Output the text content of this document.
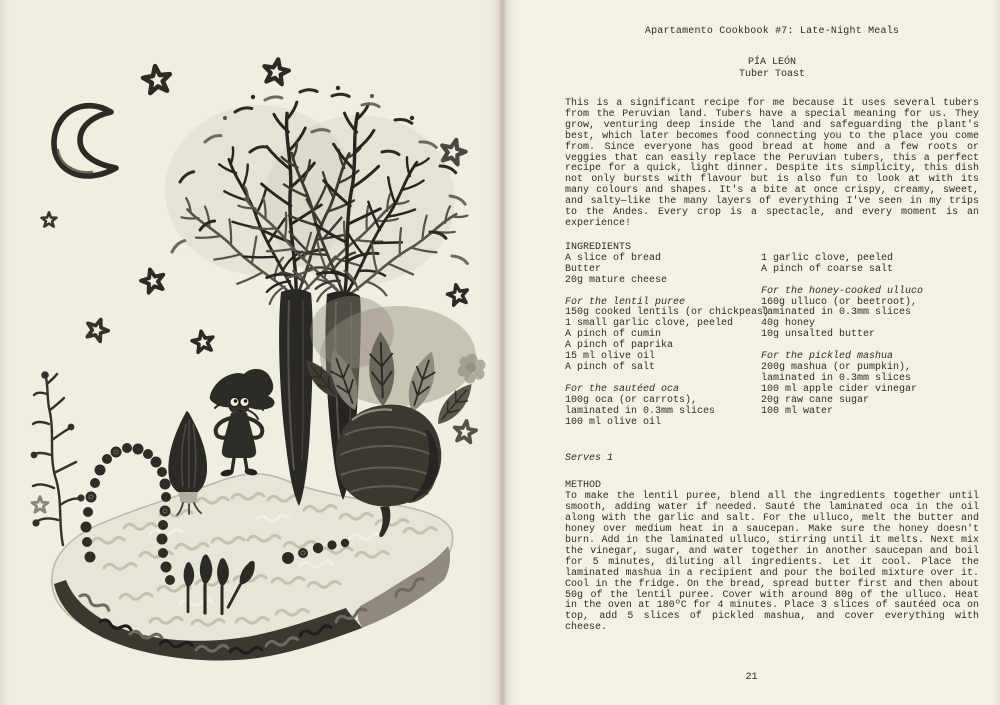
Apartamento Cookbook #7: Late-Night Meals
PÍA LEÓN
Tuber Toast

This is a significant recipe for me because it uses several tubers from the Peruvian land. Tubers have a special meaning for us. They grow, venturing deep inside the land and safeguarding the plant's best, which later becomes food connecting you to the place you come from. Since everyone has good bread at home and a few roots or veggies that can easily replace the Peruvian tubers, this a perfect recipe for a quick, light dinner. Despite its simplicity, this dish not only bursts with flavour but is also fun to look at with its many colours and shapes. It's a bite at once crispy, creamy, sweet, and salty—like the many layers of everything I've seen in my trips to the Andes. Every crop is a spectacle, and every moment is an experience!

INGREDIENTS
A slice of bread
Butter
20g mature cheese
For the lentil puree
150g cooked lentils (or chickpeas)
1 small garlic clove, peeled
A pinch of cumin
A pinch of paprika
15 ml olive oil
A pinch of salt
For the sautéed oca
100g oca (or carrots),
laminated in 0.3mm slices
100 ml olive oil
1 garlic clove, peeled
A pinch of coarse salt
For the honey-cooked ulluco
160g ulluco (or beetroot),
laminated in 0.3mm slices
40g honey
10g unsalted butter
For the pickled mashua
200g mashua (or pumpkin),
laminated in 0.3mm slices
100 ml apple cider vinegar
20g raw cane sugar
100 ml water
Serves 1
METHOD

To make the lentil puree, blend all the ingredients together until smooth, adding water if needed. Sauté the laminated oca in the oil along with the garlic and salt. For the ulluco, melt the butter and honey over medium heat in a saucepan. Make sure the honey doesn't burn. Add in the laminated ulluco, stirring until it melts. Next mix the vinegar, sugar, and water together in another saucepan and boil for 5 minutes, diluting all ingredients. Let it cool. Place the laminated mashua in a recipient and pour the boiled mixture over it. Cool in the fridge. On the bread, spread butter first and then about 50g of the lentil puree. Cover with around 80g of the ulluco. Heat in the oven at 180ºC for 4 minutes. Place 3 slices of sautéed oca on top, add 5 slices of pickled mashua, and cover everything with cheese.

21
